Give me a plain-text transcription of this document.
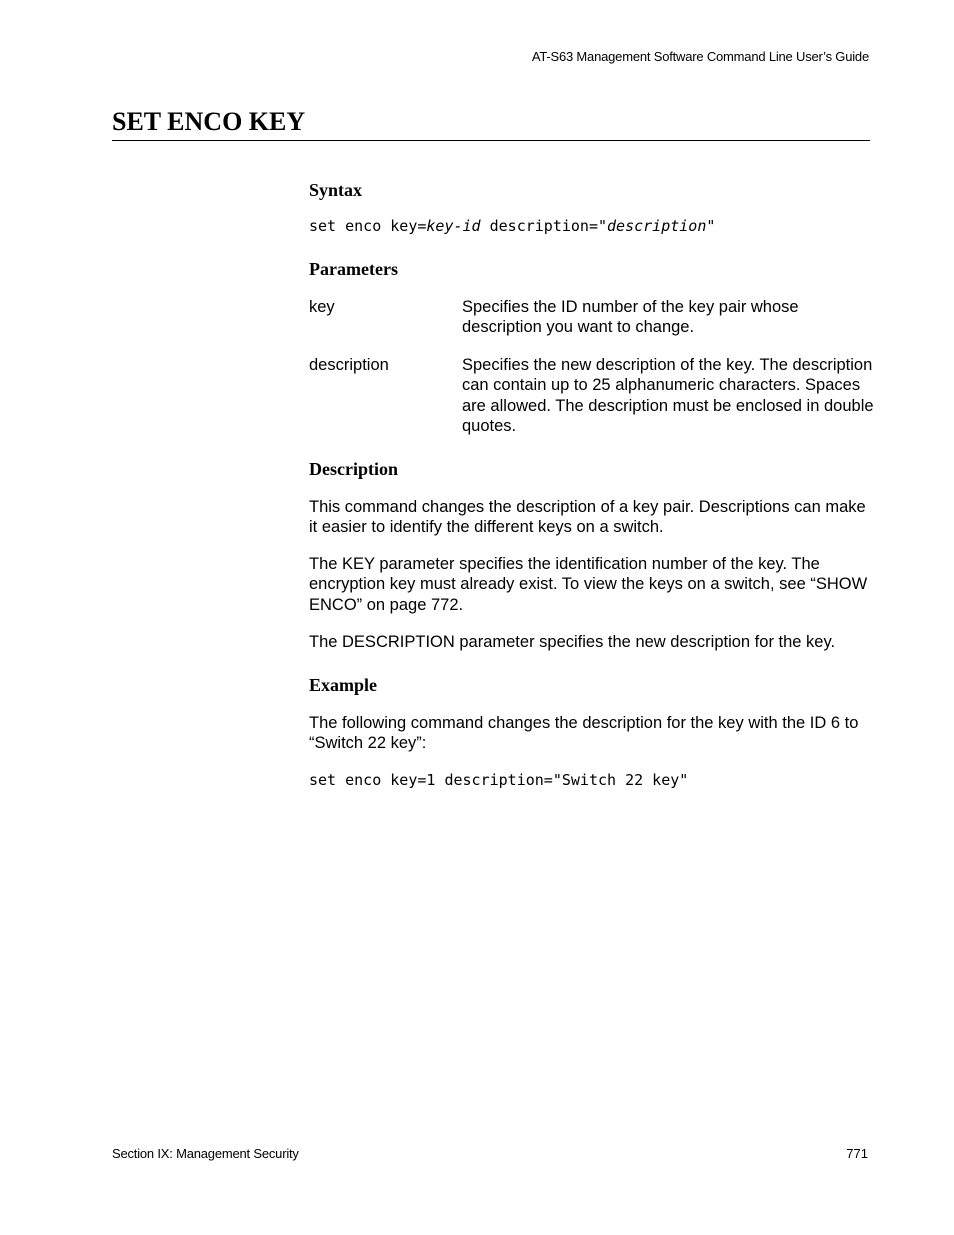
AT-S63 Management Software Command Line User’s Guide
SET ENCO KEY
Syntax
set enco key=key-id description="description"
Parameters
key	Specifies the ID number of the key pair whose description you want to change.
description	Specifies the new description of the key. The description can contain up to 25 alphanumeric characters. Spaces are allowed. The description must be enclosed in double quotes.
Description

This command changes the description of a key pair. Descriptions can make it easier to identify the different keys on a switch.

The KEY parameter specifies the identification number of the key. The encryption key must already exist. To view the keys on a switch, see “SHOW ENCO” on page 772.

The DESCRIPTION parameter specifies the new description for the key.

Example

The following command changes the description for the key with the ID 6 to “Switch 22 key”:

set enco key=1 description="Switch 22 key"
Section IX: Management Security	771
